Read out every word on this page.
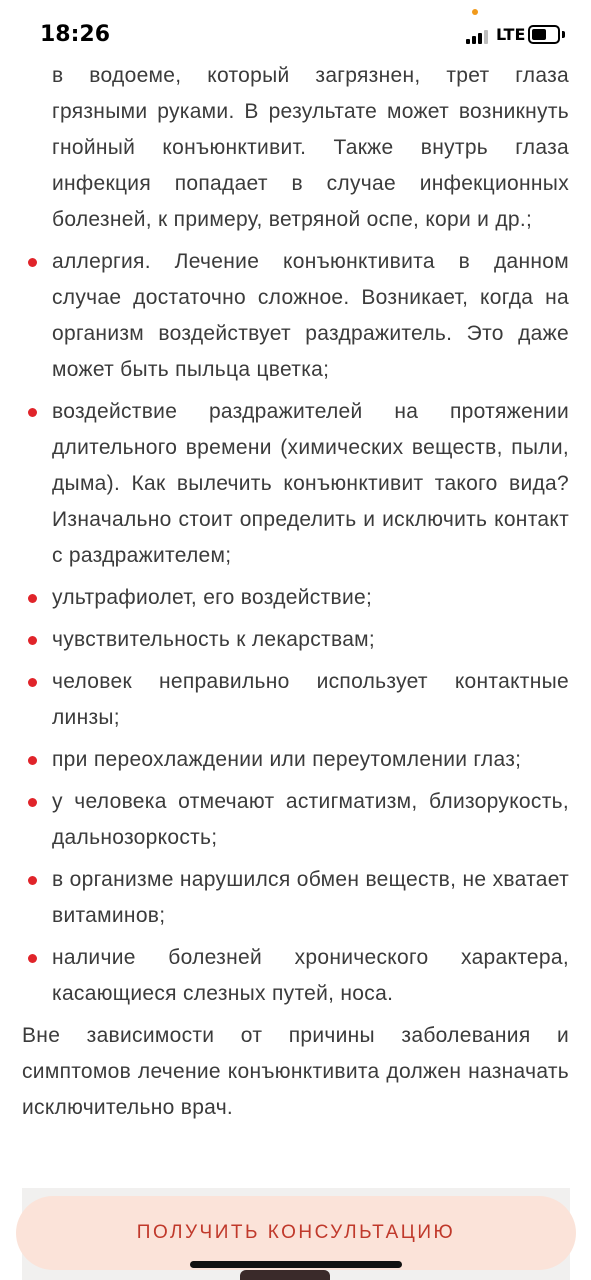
18:26	LTE

в водоеме, который загрязнен, трет глаза грязными руками. В результате может возникнуть гнойный конъюнктивит. Также внутрь глаза инфекция попадает в случае инфекционных болезней, к примеру, ветряной оспе, кори и др.;

аллергия. Лечение конъюнктивита в данном случае достаточно сложное. Возникает, когда на организм воздействует раздражитель. Это даже может быть пыльца цветка;
воздействие раздражителей на протяжении длительного времени (химических веществ, пыли, дыма). Как вылечить конъюнктивит такого вида? Изначально стоит определить и исключить контакт с раздражителем;
ультрафиолет, его воздействие;
чувствительность к лекарствам;
человек неправильно использует контактные линзы;
при переохлаждении или переутомлении глаз;
у человека отмечают астигматизм, близорукость, дальнозоркость;
в организме нарушился обмен веществ, не хватает витаминов;
наличие болезней хронического характера, касающиеся слезных путей, носа.

Вне зависимости от причины заболевания и симптомов лечение конъюнктивита должен назначать исключительно врач.

ПОЛУЧИТЬ КОНСУЛЬТАЦИЮ
